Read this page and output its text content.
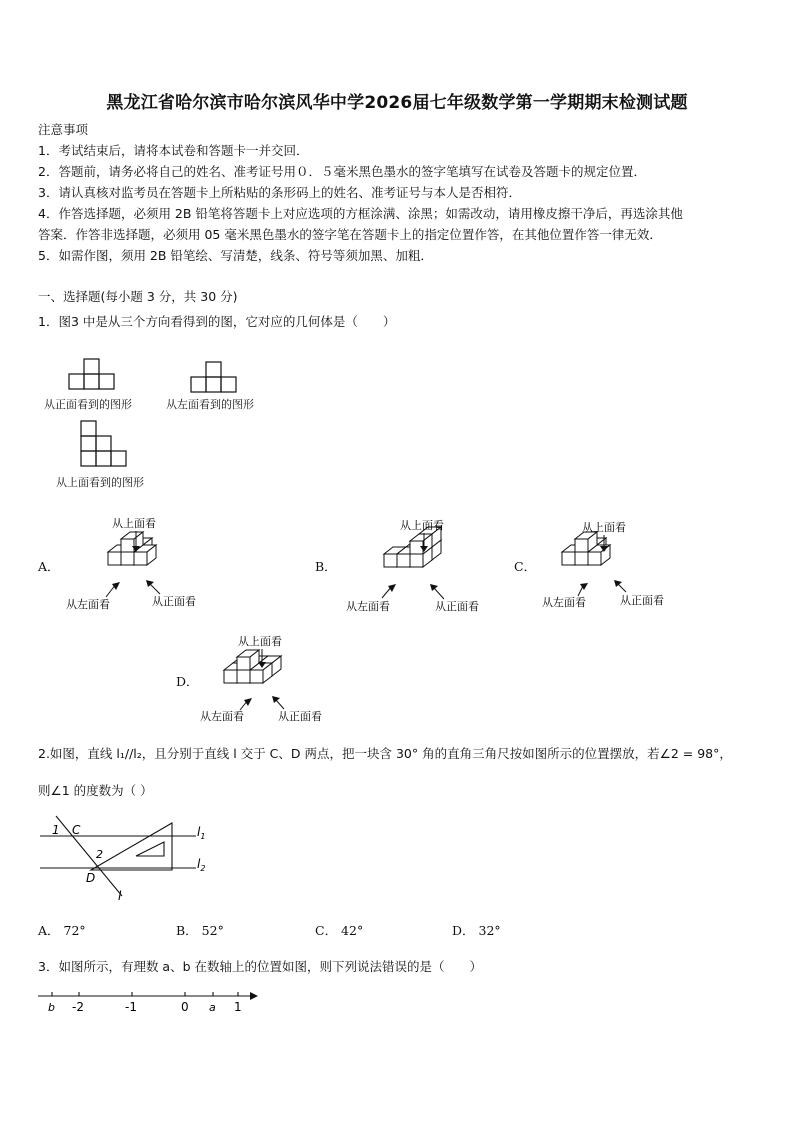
黑龙江省哈尔滨市哈尔滨风华中学2026届七年级数学第一学期期末检测试题
注意事项
1．考试结束后，请将本试卷和答题卡一并交回．
2．答题前，请务必将自己的姓名、准考证号用０．５毫米黑色墨水的签字笔填写在试卷及答题卡的规定位置．
3．请认真核对监考员在答题卡上所粘贴的条形码上的姓名、准考证号与本人是否相符．
4．作答选择题，必须用 2B 铅笔将答题卡上对应选项的方框涂满、涂黑；如需改动，请用橡皮擦干净后，再选涂其他
答案．作答非选择题，必须用 05 毫米黑色墨水的签字笔在答题卡上的指定位置作答，在其他位置作答一律无效．
5．如需作图，须用 2B 铅笔绘、写清楚，线条、符号等须加黑、加粗．
一、选择题(每小题 3 分，共 30 分)
1．图3 中是从三个方向看得到的图，它对应的几何体是（　　）
从正面看到的图形	从左面看到的图形
从上面看到的图形
A．	B．	C．
D．
从上面看
从左面看	从正面看
从上面看
从左面看	从正面看
从上面看
从左面看	从正面看
从上面看
从左面看	从正面看
2.如图，直线 l₁//l₂，且分别于直线 l 交于 C、D 两点，把一块含 30° 角的直角三角尺按如图所示的位置摆放，若∠2 = 98°，
则∠1 的度数为（ ）
1 C
2
D
l
$l_1$
$l_2$
A． 72°	B． 52°	C． 42°	D． 32°
3．如图所示，有理数 a、b 在数轴上的位置如图，则下列说法错误的是（　　）
b -2	-1	0 a 1
